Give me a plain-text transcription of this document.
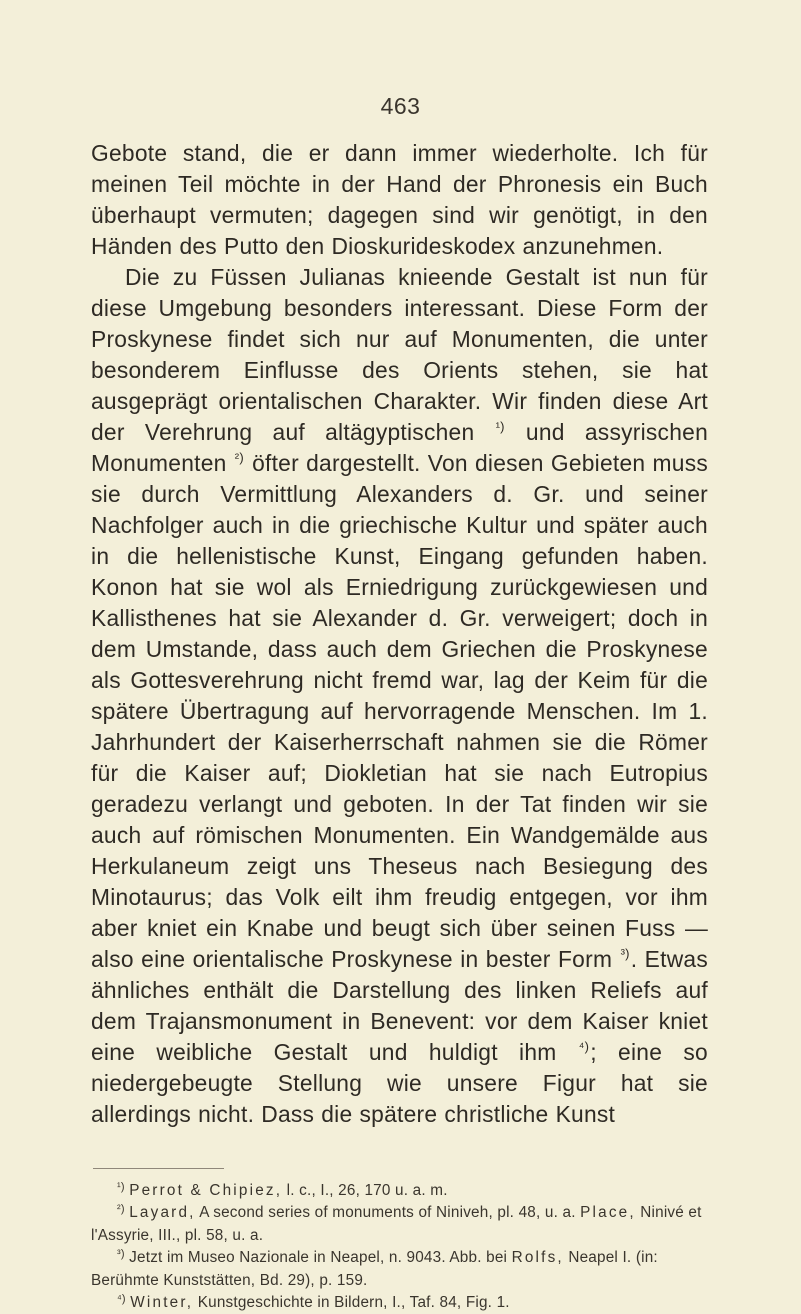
463

Gebote stand, die er dann immer wiederholte. Ich für meinen Teil möchte in der Hand der Phronesis ein Buch überhaupt vermuten; dagegen sind wir genötigt, in den Händen des Putto den Dioskurideskodex anzunehmen.

Die zu Füssen Julianas knieende Gestalt ist nun für diese Umgebung besonders interessant. Diese Form der Proskynese findet sich nur auf Monumenten, die unter besonderem Einflusse des Orients stehen, sie hat ausgeprägt orientalischen Charakter. Wir finden diese Art der Verehrung auf altägyptischen $^{^1)}$ und assyrischen Monumenten $^{^2)}$ öfter dargestellt. Von diesen Gebieten muss sie durch Vermittlung Alexanders d. Gr. und seiner Nachfolger auch in die griechische Kultur und später auch in die hellenistische Kunst, Eingang gefunden haben. Konon hat sie wol als Erniedrigung zurückgewiesen und Kallisthenes hat sie Alexander d. Gr. verweigert; doch in dem Umstande, dass auch dem Griechen die Proskynese als Gottesverehrung nicht fremd war, lag der Keim für die spätere Übertragung auf hervorragende Menschen. Im 1. Jahrhundert der Kaiserherrschaft nahmen sie die Römer für die Kaiser auf; Diokletian hat sie nach Eutropius geradezu verlangt und geboten. In der Tat finden wir sie auch auf römischen Monumenten. Ein Wandgemälde aus Herkulaneum zeigt uns Theseus nach Besiegung des Minotaurus; das Volk eilt ihm freudig entgegen, vor ihm aber kniet ein Knabe und beugt sich über seinen Fuss — also eine orientalische Proskynese in bester Form $^{^3)}$. Etwas ähnliches enthält die Darstellung des linken Reliefs auf dem Trajansmonument in Benevent: vor dem Kaiser kniet eine weibliche Gestalt und huldigt ihm $^{^4)}$; eine so niedergebeugte Stellung wie unsere Figur hat sie allerdings nicht. Dass die spätere christliche Kunst

$^{^1)}$ Perrot & Chipiez, l. c., I., 26, 170 u. a. m.

$^{^2)}$ Layard, A second series of monuments of Niniveh, pl. 48, u. a. Place, Ninivé et l'Assyrie, III., pl. 58, u. a.

$^{^3)}$ Jetzt im Museo Nazionale in Neapel, n. 9043. Abb. bei Rolfs, Neapel I. (in: Berühmte Kunststätten, Bd. 29), p. 159.

$^{^4)}$ Winter, Kunstgeschichte in Bildern, I., Taf. 84, Fig. 1.
